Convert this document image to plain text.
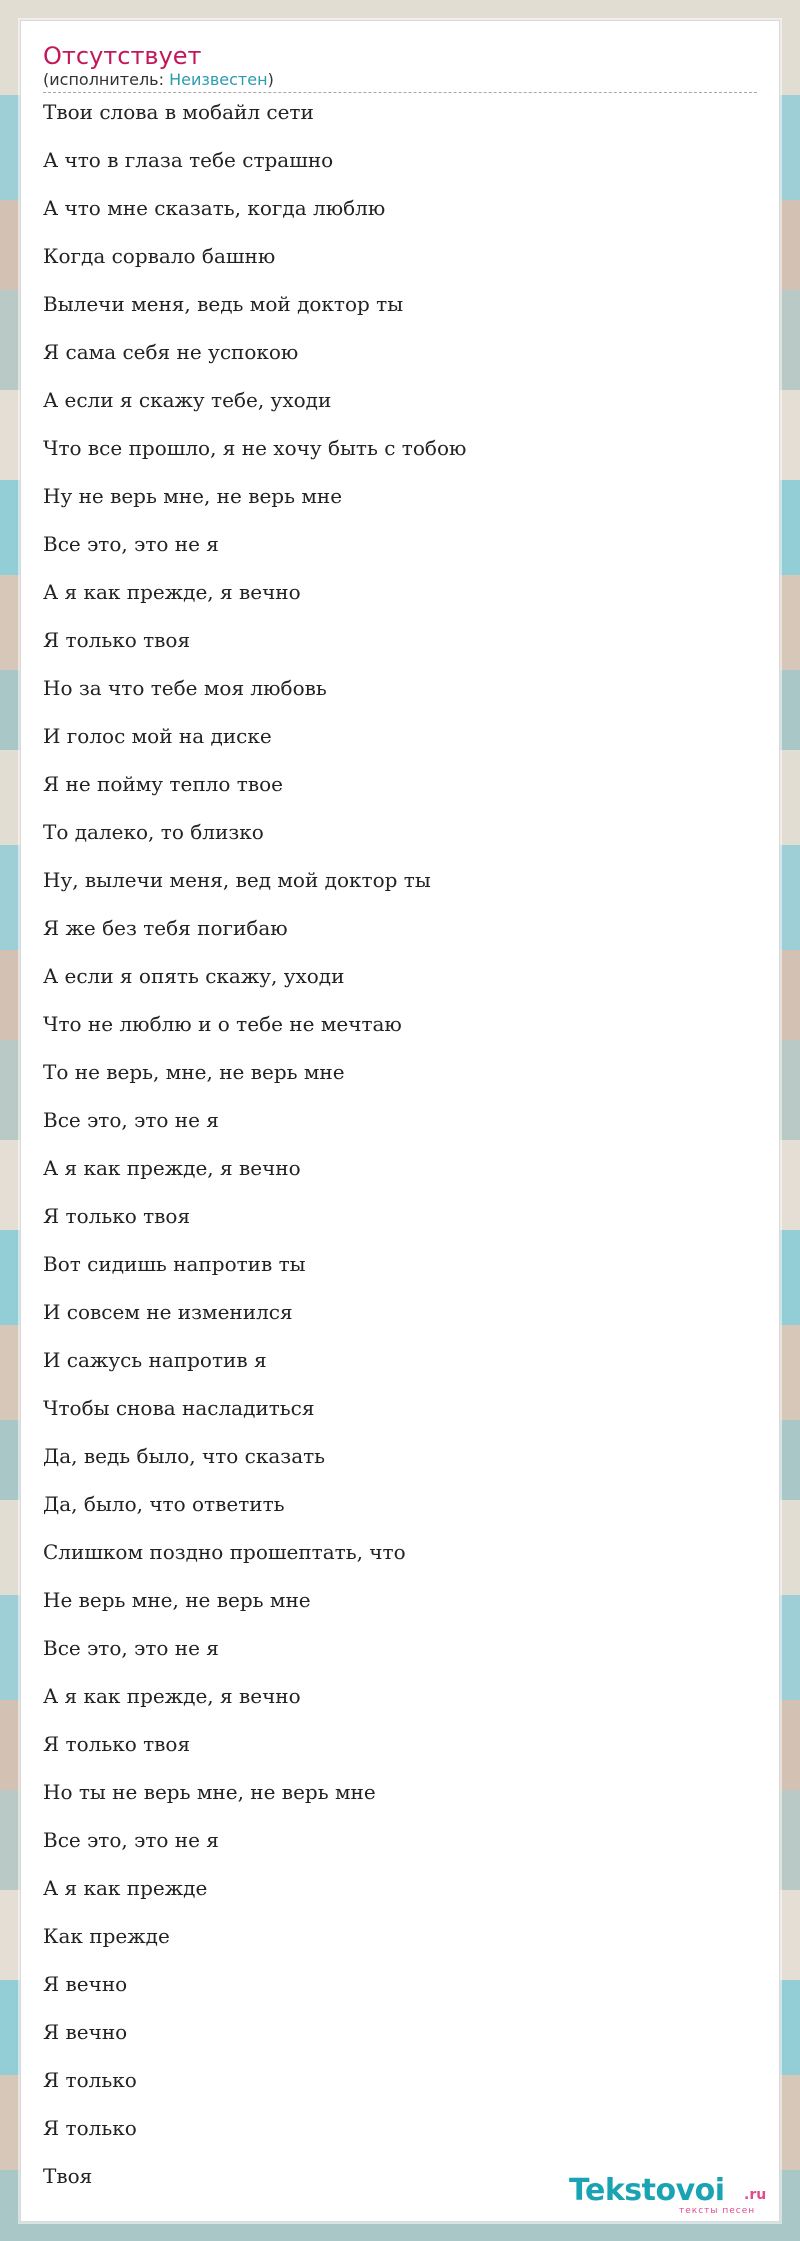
Отсутствует
(исполнитель: Неизвестен)
Твои слова в мобайл сети
А что в глаза тебе страшно
А что мне сказать, когда люблю
Когда сорвало башню
Вылечи меня, ведь мой доктор ты
Я сама себя не успокою
А если я скажу тебе, уходи
Что все прошло, я не хочу быть с тобою
Ну не верь мне, не верь мне
Все это, это не я
А я как прежде, я вечно
Я только твоя
Но за что тебе моя любовь
И голос мой на диске
Я не пойму тепло твое
То далеко, то близко
Ну, вылечи меня, вед мой доктор ты
Я же без тебя погибаю
А если я опять скажу, уходи
Что не люблю и о тебе не мечтаю
То не верь, мне, не верь мне
Все это, это не я
А я как прежде, я вечно
Я только твоя
Вот сидишь напротив ты
И совсем не изменился
И сажусь напротив я
Чтобы снова насладиться
Да, ведь было, что сказать
Да, было, что ответить
Слишком поздно прошептать, что
Не верь мне, не верь мне
Все это, это не я
А я как прежде, я вечно
Я только твоя
Но ты не верь мне, не верь мне
Все это, это не я
А я как прежде
Как прежде
Я вечно
Я вечно
Я только
Я только
Твоя	Tekstovoi .ru
тексты песен
